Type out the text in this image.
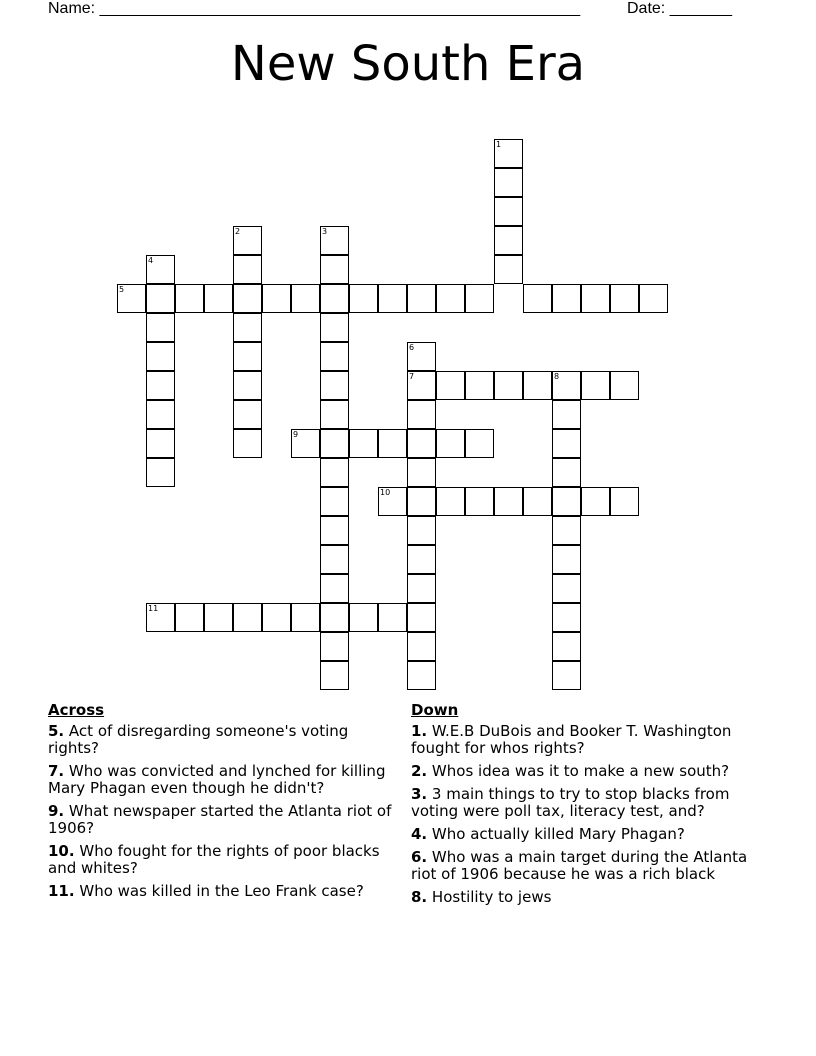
Name: ______________________________________________________	Date: _______
New South Era
1
2	3
4
5
6
7	8
9
10
11
Across
5. Act of disregarding someone's voting rights?
7. Who was convicted and lynched for killing Mary Phagan even though he didn't?
9. What newspaper started the Atlanta riot of 1906?
10. Who fought for the rights of poor blacks and whites?
11. Who was killed in the Leo Frank case?
Down
1. W.E.B DuBois and Booker T. Washington fought for whos rights?
2. Whos idea was it to make a new south?
3. 3 main things to try to stop blacks from voting were poll tax, literacy test, and?
4. Who actually killed Mary Phagan?
6. Who was a main target during the Atlanta riot of 1906 because he was a rich black
8. Hostility to jews
